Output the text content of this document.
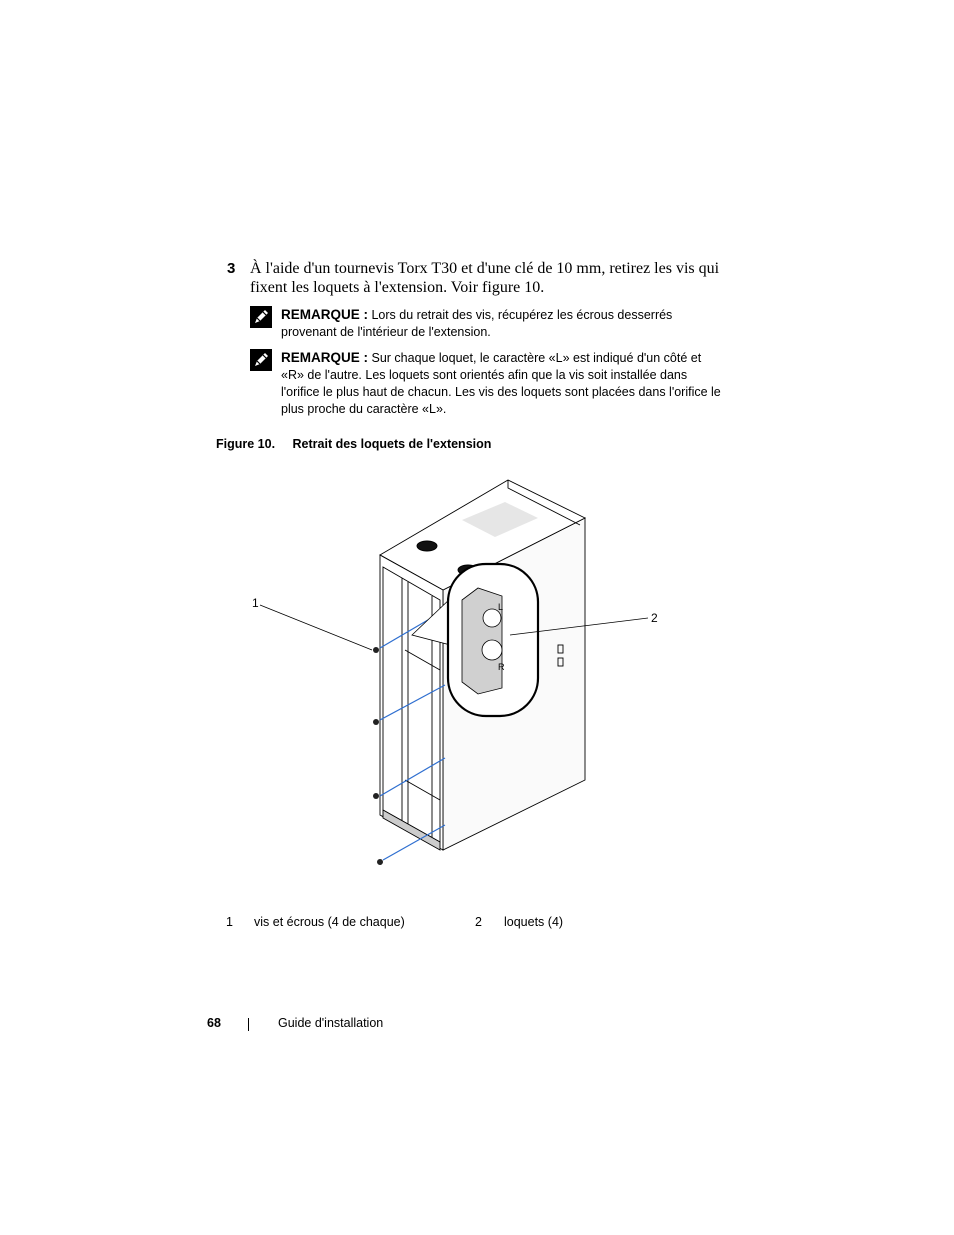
3 À l'aide d'un tournevis Torx T30 et d'une clé de 10 mm, retirez les vis qui fixent les loquets à l'extension. Voir figure 10.
REMARQUE : Lors du retrait des vis, récupérez les écrous desserrés provenant de l'intérieur de l'extension.
REMARQUE : Sur chaque loquet, le caractère «L» est indiqué d'un côté et «R» de l'autre. Les loquets sont orientés afin que la vis soit installée dans l'orifice le plus haut de chacun. Les vis des loquets sont placées dans l'orifice le plus proche du caractère «L».
Figure 10. Retrait des loquets de l'extension
L
R
1
2
1 vis et écrous (4 de chaque)	2 loquets (4)
68	Guide d'installation
